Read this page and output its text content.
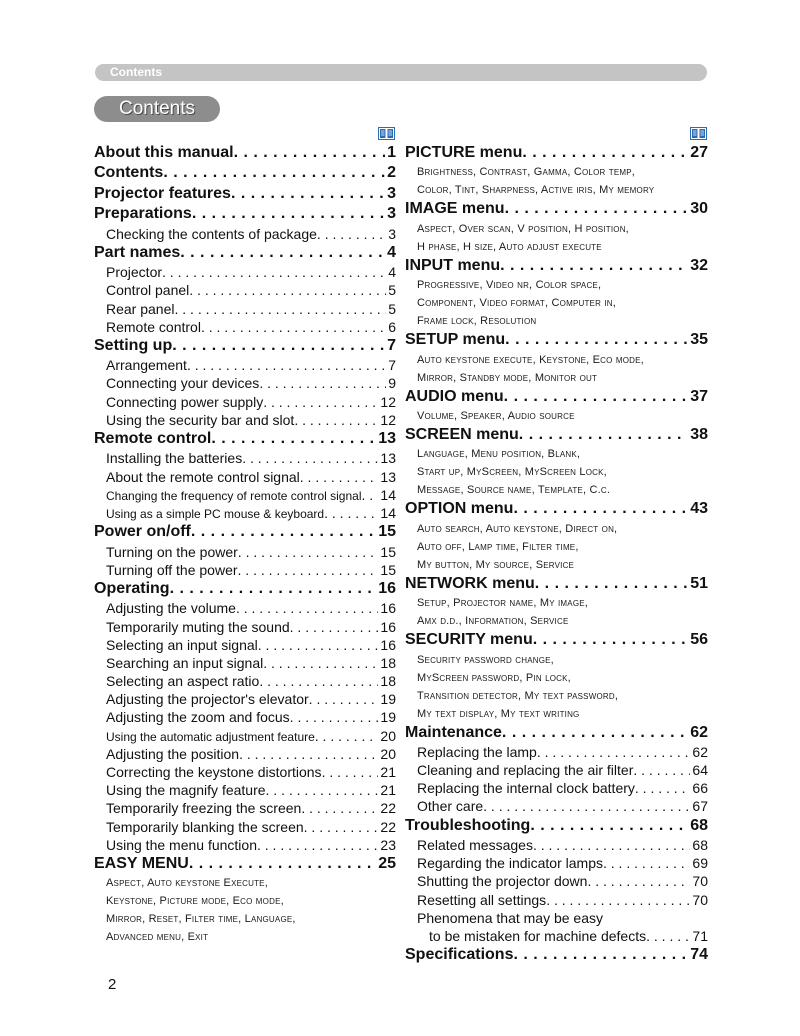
Contents
Contents
About this manual . . .	1
Contents . . .	2
Projector features . . .	3
Preparations . . .	3
Checking the contents of package . . .	3
Part names . . .	4
Projector . . .	4
Control panel . . .	5
Rear panel . . .	5
Remote control . . .	6
Setting up . . .	7
Arrangement . . .	7
Connecting your devices . . .	9
Connecting power supply . . .	12
Using the security bar and slot . . .	12
Remote control . . .	13
Installing the batteries . . .	13
About the remote control signal . . .	13
Changing the frequency of remote control signal . . . 14
Using as a simple PC mouse & keyboard . . .	14
Power on/off . . .	15
Turning on the power . . .	15
Turning off the power . . .	15
Operating . . .	16
Adjusting the volume . . .	16
Temporarily muting the sound . . .	16
Selecting an input signal . . .	16
Searching an input signal . . .	18
Selecting an aspect ratio . . .	18
Adjusting the projector's elevator . . .	19
Adjusting the zoom and focus . . .	19
Using the automatic adjustment feature . . .	20
Adjusting the position . . .	20
Correcting the keystone distortions . . .	21
Using the magnify feature . . .	21
Temporarily freezing the screen . . .	22
Temporarily blanking the screen . . .	22
Using the menu function . . .	23
EASY MENU . . .	25
Aspect, Auto keystone Execute,
Keystone, Picture mode, Eco mode,
Mirror, Reset, Filter time, Language,
Advanced menu, Exit
PICTURE menu . . .	27
Brightness, Contrast, Gamma, Color temp,
Color, Tint, Sharpness, Active iris, My memory
IMAGE menu . . .	30
Aspect, Over scan, V position, H position,
H phase, H size, Auto adjust execute
INPUT menu . . .	32
Progressive, Video nr, Color space,
Component, Video format, Computer in,
Frame lock, Resolution
SETUP menu . . .	35
Auto keystone execute, Keystone, Eco mode,
Mirror, Standby mode, Monitor out
AUDIO menu . . .	37
Volume, Speaker, Audio source
SCREEN menu . . .	38
Language, Menu position, Blank,
Start up, MyScreen, MyScreen Lock,
Message, Source name, Template, C.c.
OPTION menu . . .	43
Auto search, Auto keystone, Direct on,
Auto off, Lamp time, Filter time,
My button, My source, Service
NETWORK menu . . .	51
Setup, Projector name, My image,
Amx d.d., Information, Service
SECURITY menu . . .	56
Security password change,
MyScreen password, Pin lock,
Transition detector, My text password,
My text display, My text writing
Maintenance . . .	62
Replacing the lamp . . .	62
Cleaning and replacing the air filter . . .	64
Replacing the internal clock battery . . .	66
Other care . . .	67
Troubleshooting . . .	68
Related messages . . .	68
Regarding the indicator lamps . . .	69
Shutting the projector down . . .	70
Resetting all settings . . .	70
Phenomena that may be easy
to be mistaken for machine defects . . .	71
Specifications . . .	74
2
